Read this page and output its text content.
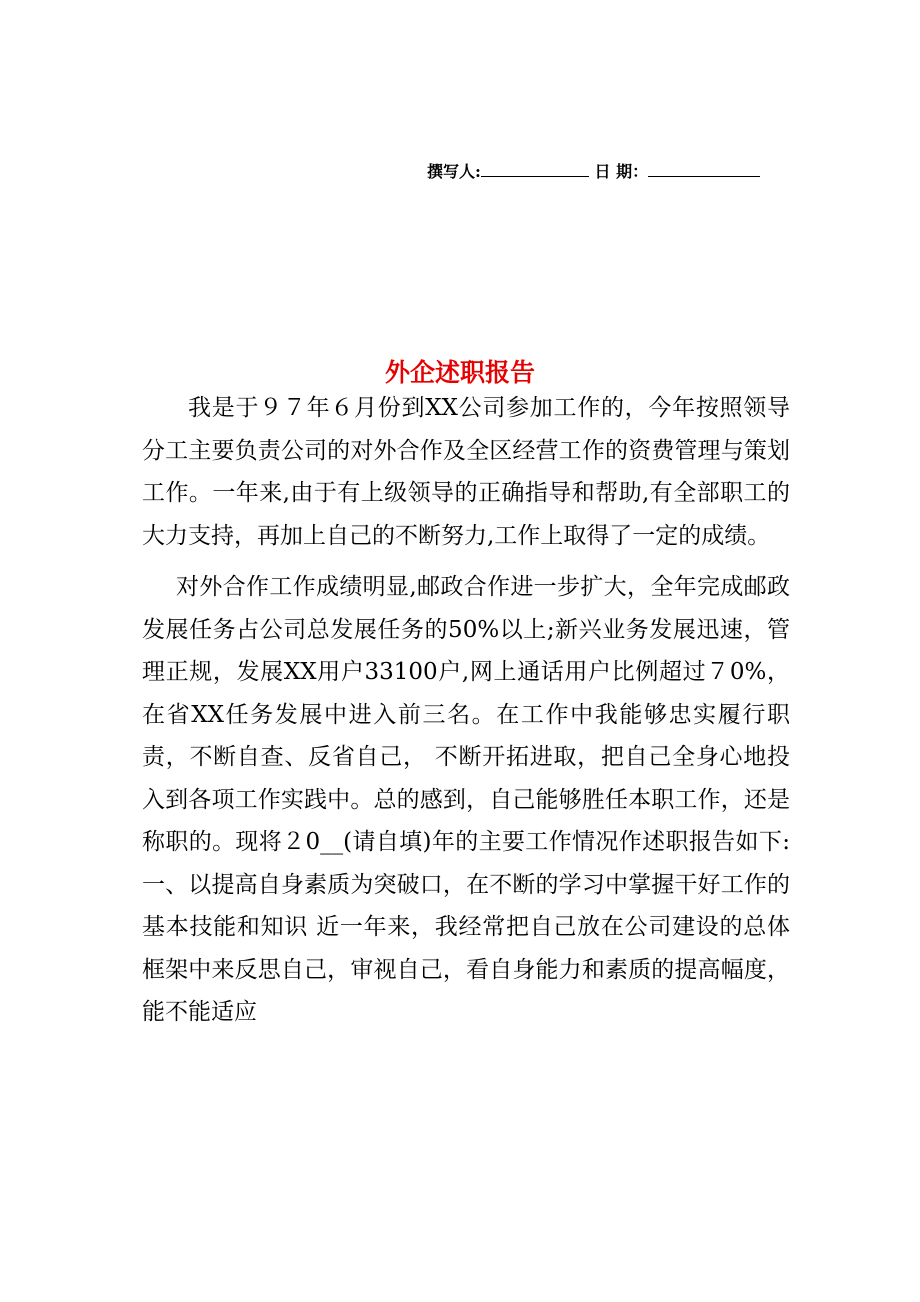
撰写人:	日 期：
外企述职报告

我是于９７年６月份到XX公司参加工作的，今年按照领导分工主要负责公司的对外合作及全区经营工作的资费管理与策划工作。一年来,由于有上级领导的正确指导和帮助,有全部职工的大力支持，再加上自己的不断努力,工作上取得了一定的成绩。

对外合作工作成绩明显,邮政合作进一步扩大，全年完成邮政发展任务占公司总发展任务的50%以上;新兴业务发展迅速，管理正规，发展XX用户33100户,网上通话用户比例超过７0%，在省XX任务发展中进入前三名。在工作中我能够忠实履行职责，不断自查、反省自己， 不断开拓进取，把自己全身心地投入到各项工作实践中。总的感到，自己能够胜任本职工作，还是称职的。现将２0__(请自填)年的主要工作情况作述职报告如下:﻿ 一、以提高自身素质为突破口，在不断的学习中掌握干好工作的基本技能和知识﻿ 近一年来，我经常把自己放在公司建设的总体框架中来反思自己，审视自己，看自身能力和素质的提高幅度，能不能适应
